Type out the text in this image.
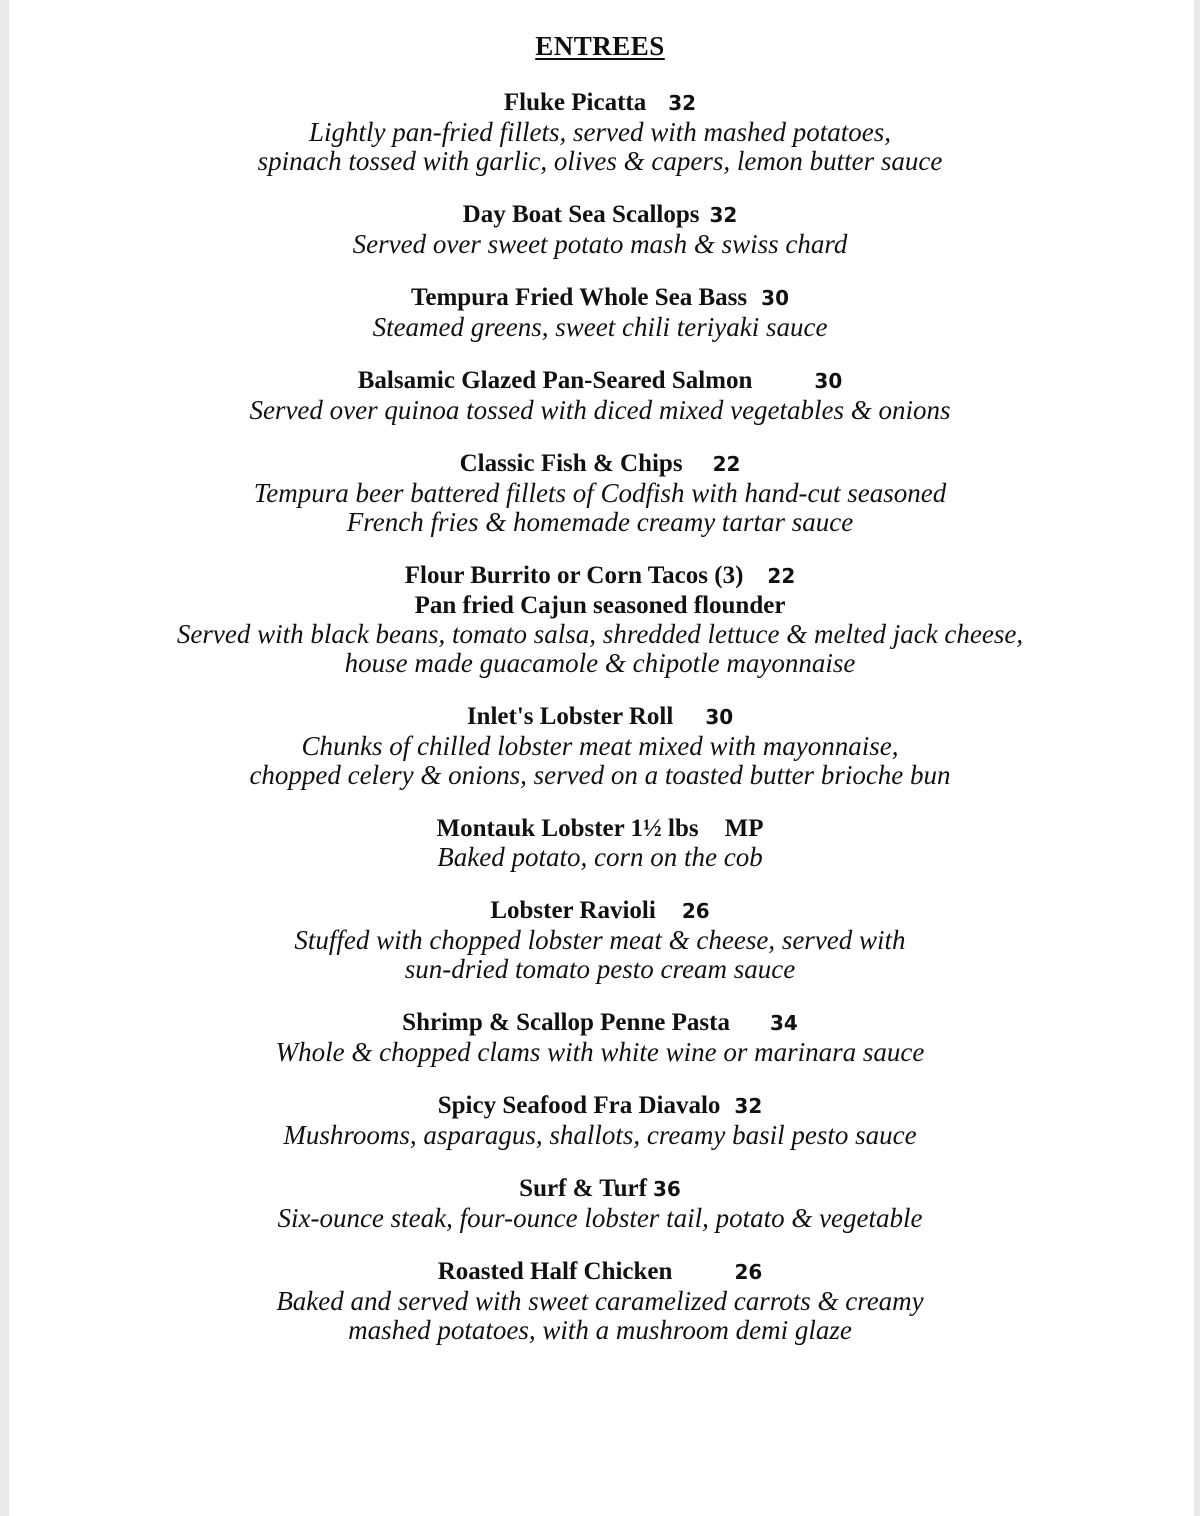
ENTREES
Fluke Picatta 32
Lightly pan-fried fillets, served with mashed potatoes,
spinach tossed with garlic, olives & capers, lemon butter sauce
Day Boat Sea Scallops 32
Served over sweet potato mash & swiss chard
Tempura Fried Whole Sea Bass 30
Steamed greens, sweet chili teriyaki sauce
Balsamic Glazed Pan-Seared Salmon	30
Served over quinoa tossed with diced mixed vegetables & onions
Classic Fish & Chips 22
Tempura beer battered fillets of Codfish with hand-cut seasoned
French fries & homemade creamy tartar sauce
Flour Burrito or Corn Tacos (3) 22
Pan fried Cajun seasoned flounder
Served with black beans, tomato salsa, shredded lettuce & melted jack cheese,
house made guacamole & chipotle mayonnaise
Inlet's Lobster Roll 30
Chunks of chilled lobster meat mixed with mayonnaise,
chopped celery & onions, served on a toasted butter brioche bun
Montauk Lobster 1½ lbs MP
Baked potato, corn on the cob
Lobster Ravioli 26
Stuffed with chopped lobster meat & cheese, served with
sun-dried tomato pesto cream sauce
Shrimp & Scallop Penne Pasta 34
Whole & chopped clams with white wine or marinara sauce
Spicy Seafood Fra Diavalo 32
Mushrooms, asparagus, shallots, creamy basil pesto sauce
Surf & Turf 36
Six-ounce steak, four-ounce lobster tail, potato & vegetable
Roasted Half Chicken	26
Baked and served with sweet caramelized carrots & creamy
mashed potatoes, with a mushroom demi glaze
